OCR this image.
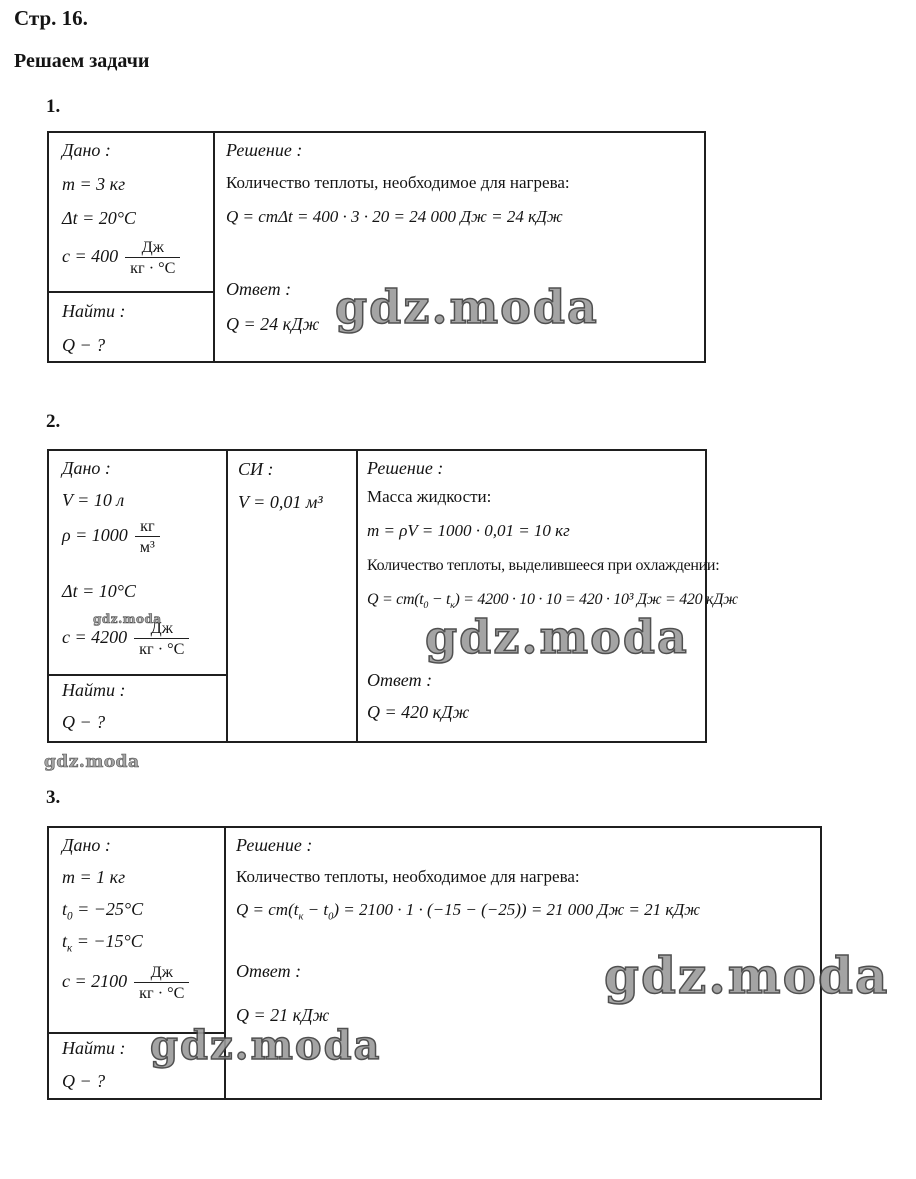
Стр. 16.
Решаем задачи
1.
Дано :
m = 3 кг
Δt = 20°С
$c = 400 \frac{Дж}{кг \cdot ^\circ С}$
Найти :
Q − ?
Решение :
Количество теплоты, необходимое для нагрева:
Q = cmΔt = 400 · 3 · 20 = 24 000 Дж = 24 кДж
Ответ :
Q = 24 кДж
2.
Дано :
V = 10 л
$\rho = 1000 \frac{кг}{\text{м³}}$
Δt = 10°С
$c = 4200 \frac{Дж}{кг \cdot ^\circ С}$
Найти :
Q − ?
СИ :
V = 0,01 м³
Решение :
Масса жидкости:
m = ρV = 1000 · 0,01 = 10 кг
Количество теплоты, выделившееся при охлаждении:
$Q = cm(t_0 - t_к) = 4200 \cdot 10 \cdot 10 = 420 \cdot 10^3$ Дж = 420 кДж
Ответ :
Q = 420 кДж
3.
Дано :
m = 1 кг
$t_0 = -25^\circ С$
$t_к = -15^\circ С$
$c = 2100 \frac{Дж}{кг \cdot ^\circ С}$
Найти :
Q − ?
Решение :
Количество теплоты, необходимое для нагрева:
$Q = cm(t_к - t_0) = 2100 \cdot 1 \cdot (-15 - (-25)) = 21$ 000 Дж = 21 кДж
Ответ :
Q = 21 кДж
gdz.moda
gdz.moda
gdz.moda
gdz.moda
gdz.moda
gdz.moda
